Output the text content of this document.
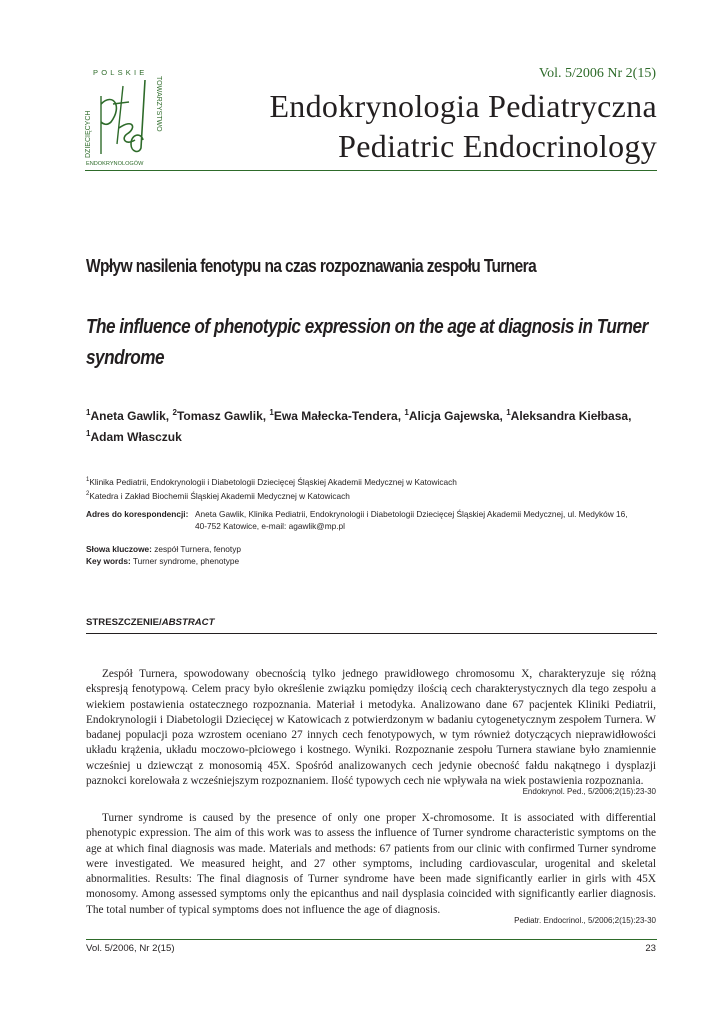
POLSKIE
DZIECIĘCYCH
TOWARZYSTWO
ENDOKRYNOLOGÓW
Vol. 5/2006 Nr 2(15)
Endokrynologia Pediatryczna
Pediatric Endocrinology
Wpływ nasilenia fenotypu na czas rozpoznawania zespołu Turnera
The influence of phenotypic expression on the age at diagnosis in Turner syndrome
$^1$Aneta Gawlik, $^2$Tomasz Gawlik, $^1$Ewa Małecka-Tendera, $^1$Alicja Gajewska, $^1$Aleksandra Kiełbasa,
$^1$Adam Własczuk
$^1$Klinika Pediatrii, Endokrynologii i Diabetologii Dziecięcej Śląskiej Akademii Medycznej w Katowicach
$^2$Katedra i Zakład Biochemii Śląskiej Akademii Medycznej w Katowicach
Adres do korespondencji: Aneta Gawlik, Klinika Pediatrii, Endokrynologii i Diabetologii Dziecięcej Śląskiej Akademii Medycznej, ul. Medyków 16,
40-752 Katowice, e-mail: agawlik@mp.pl
Słowa kluczowe: zespół Turnera, fenotyp
Key words: Turner syndrome, phenotype
STRESZCZENIE/ABSTRACT

Zespół Turnera, spowodowany obecnością tylko jednego prawidłowego chromosomu X, charakteryzuje się różną ekspresją fenotypową. Celem pracy było określenie związku pomiędzy ilością cech charakterystycznych dla tego zespołu a wiekiem postawienia ostatecznego rozpoznania. Materiał i metodyka. Analizowano dane 67 pacjentek Kliniki Pediatrii, Endokrynologii i Diabetologii Dziecięcej w Katowicach z potwierdzonym w badaniu cytogenetycznym zespołem Turnera. W badanej populacji poza wzrostem oceniano 27 innych cech fenotypowych, w tym również dotyczących nieprawidłowości układu krążenia, układu moczowo-płciowego i kostnego. Wyniki. Rozpoznanie zespołu Turnera stawiane było znamiennie wcześniej u dziewcząt z monosomią 45X. Spośród analizowanych cech jedynie obecność fałdu nakątnego i dysplazji paznokci korelowała z wcześniejszym rozpoznaniem. Ilość typowych cech nie wpływała na wiek postawienia rozpoznania.

Endokrynol. Ped., 5/2006;2(15):23-30

Turner syndrome is caused by the presence of only one proper X-chromosome. It is associated with differential phenotypic expression. The aim of this work was to assess the influence of Turner syndrome characteristic symptoms on the age at which final diagnosis was made. Materials and methods: 67 patients from our clinic with confirmed Turner syndrome were investigated. We measured height, and 27 other symptoms, including cardiovascular, urogenital and skeletal abnormalities. Results: The final diagnosis of Turner syndrome have been made significantly earlier in girls with 45X monosomy. Among assessed symptoms only the epicanthus and nail dysplasia coincided with significantly earlier diagnosis. The total number of typical symptoms does not influence the age of diagnosis.

Pediatr. Endocrinol., 5/2006;2(15):23-30
Vol. 5/2006, Nr 2(15)	23
